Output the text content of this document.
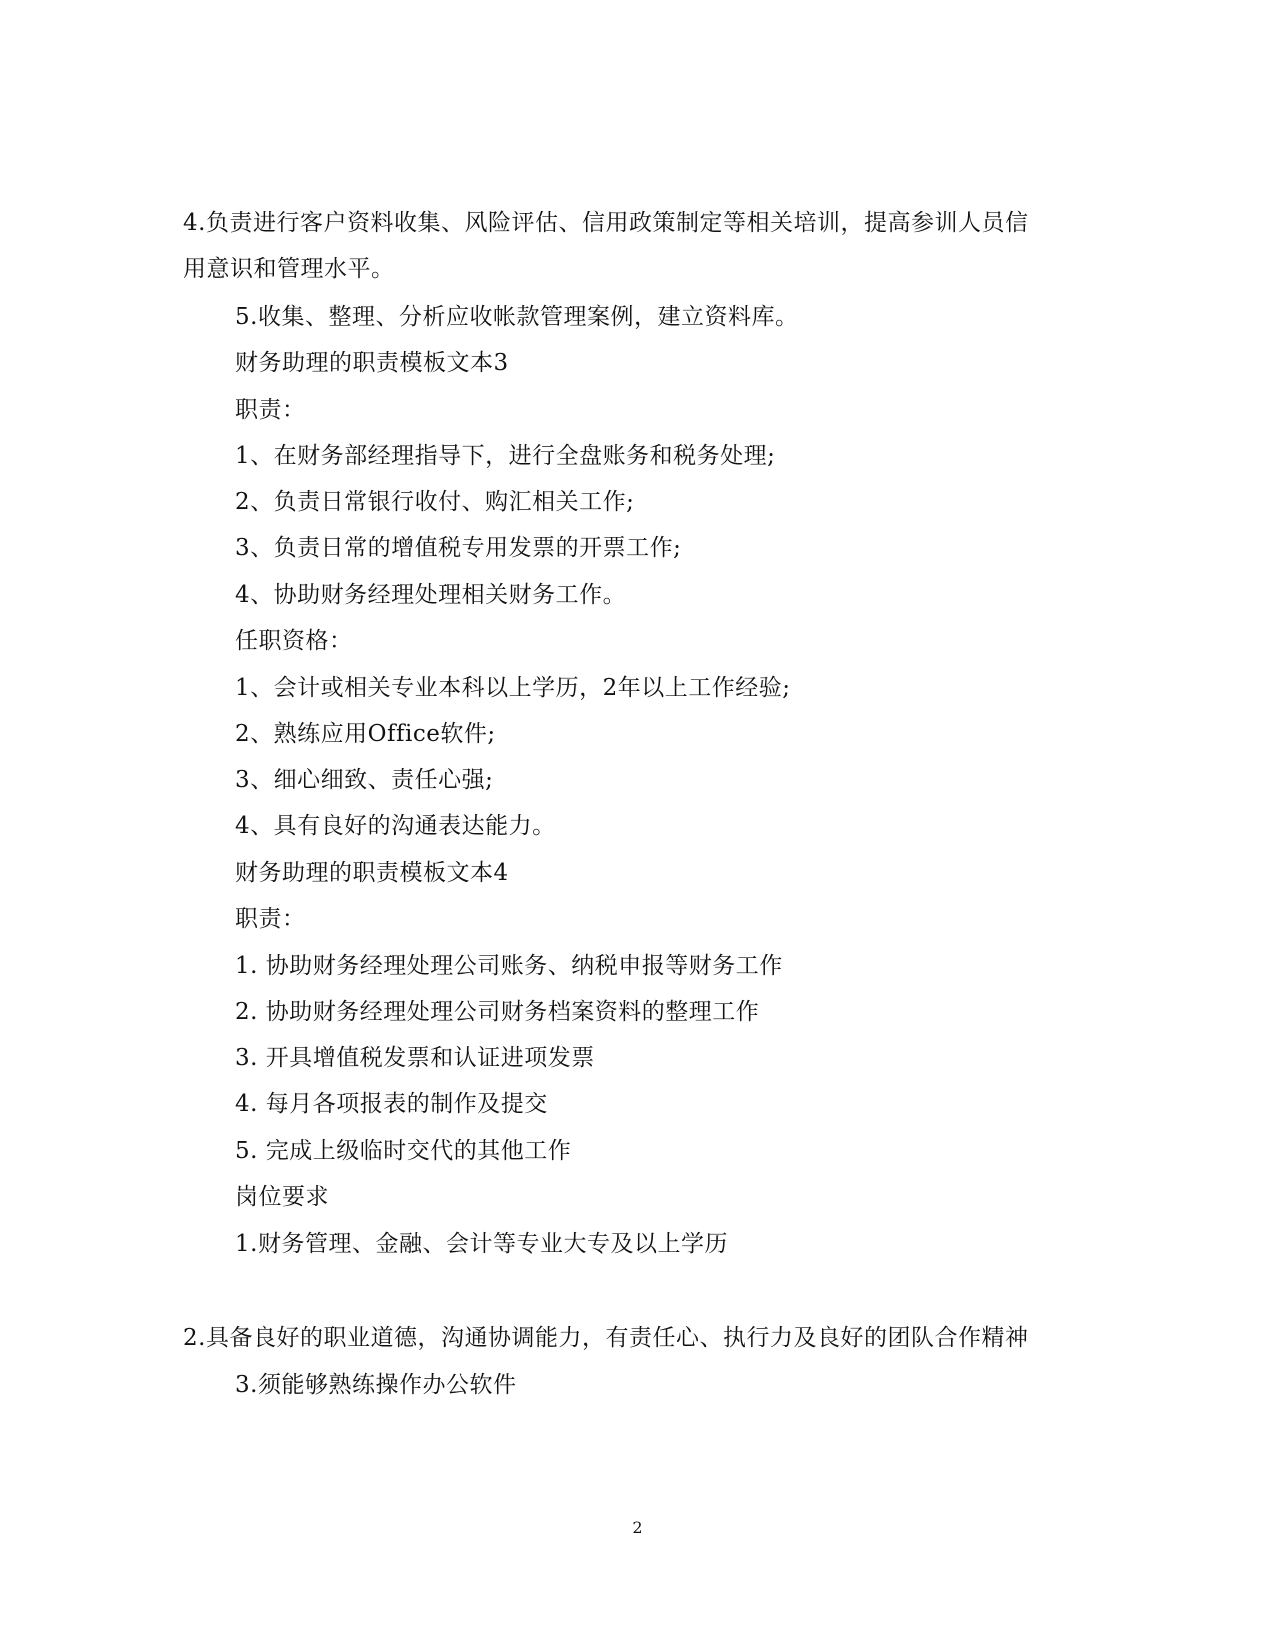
4.负责进行客户资料收集、风险评估、信用政策制定等相关培训，提高参训人员信
用意识和管理水平。
5.收集、整理、分析应收帐款管理案例，建立资料库。
财务助理的职责模板文本3
职责：
1、在财务部经理指导下，进行全盘账务和税务处理;
2、负责日常银行收付、购汇相关工作;
3、负责日常的增值税专用发票的开票工作;
4、协助财务经理处理相关财务工作。
任职资格：
1、会计或相关专业本科以上学历，2年以上工作经验;
2、熟练应用Office软件;
3、细心细致、责任心强;
4、具有良好的沟通表达能力。
财务助理的职责模板文本4
职责：
1. 协助财务经理处理公司账务、纳税申报等财务工作
2. 协助财务经理处理公司财务档案资料的整理工作
3. 开具增值税发票和认证进项发票
4. 每月各项报表的制作及提交
5. 完成上级临时交代的其他工作
岗位要求
1.财务管理、金融、会计等专业大专及以上学历
2.具备良好的职业道德，沟通协调能力，有责任心、执行力及良好的团队合作精神
3.须能够熟练操作办公软件
2
